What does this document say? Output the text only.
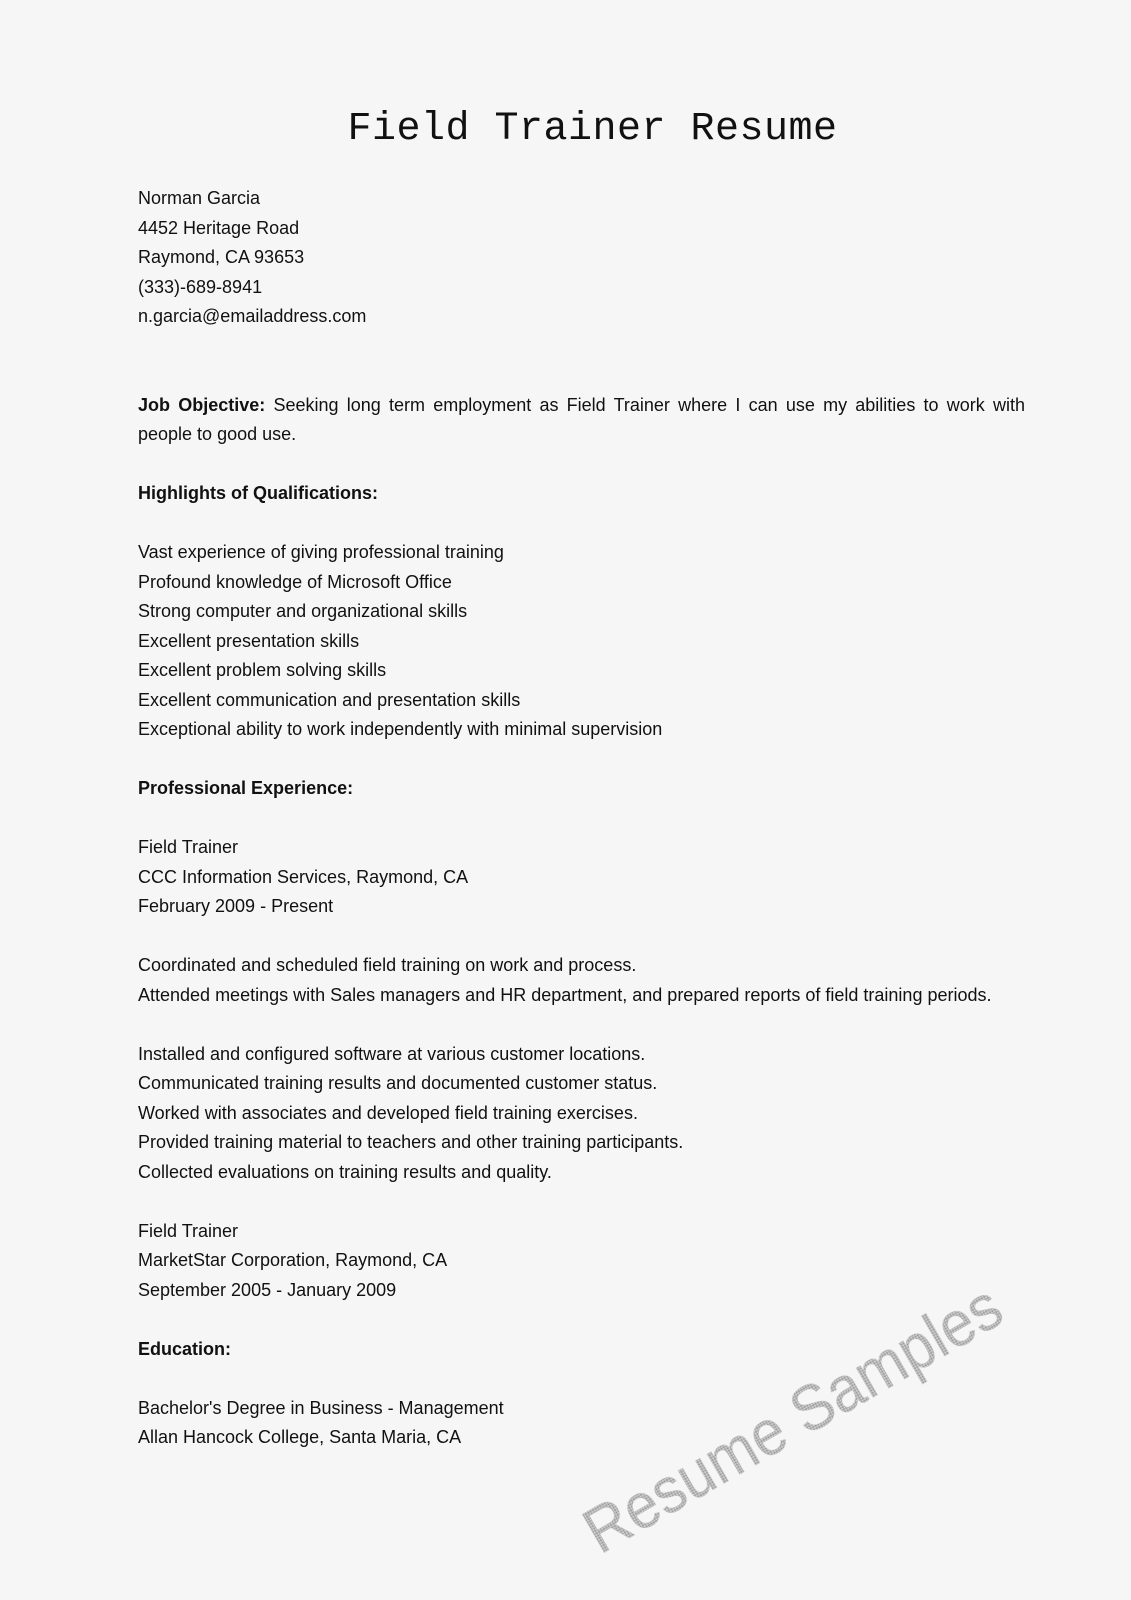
Field Trainer Resume
Norman Garcia
4452 Heritage Road
Raymond, CA 93653
(333)-689-8941
n.garcia@emailaddress.com
Job Objective: Seeking long term employment as Field Trainer where I can use my abilities to work with people to good use.
Highlights of Qualifications:
Vast experience of giving professional training
Profound knowledge of Microsoft Office
Strong computer and organizational skills
Excellent presentation skills
Excellent problem solving skills
Excellent communication and presentation skills
Exceptional ability to work independently with minimal supervision
Professional Experience:
Field Trainer
CCC Information Services, Raymond, CA
February 2009 - Present
Coordinated and scheduled field training on work and process.
Attended meetings with Sales managers and HR department, and prepared reports of field training periods.
Installed and configured software at various customer locations.
Communicated training results and documented customer status.
Worked with associates and developed field training exercises.
Provided training material to teachers and other training participants.
Collected evaluations on training results and quality.
Field Trainer
MarketStar Corporation, Raymond, CA
September 2005 - January 2009
Education:
Bachelor's Degree in Business - Management
Allan Hancock College, Santa Maria, CA	Resume Samples
